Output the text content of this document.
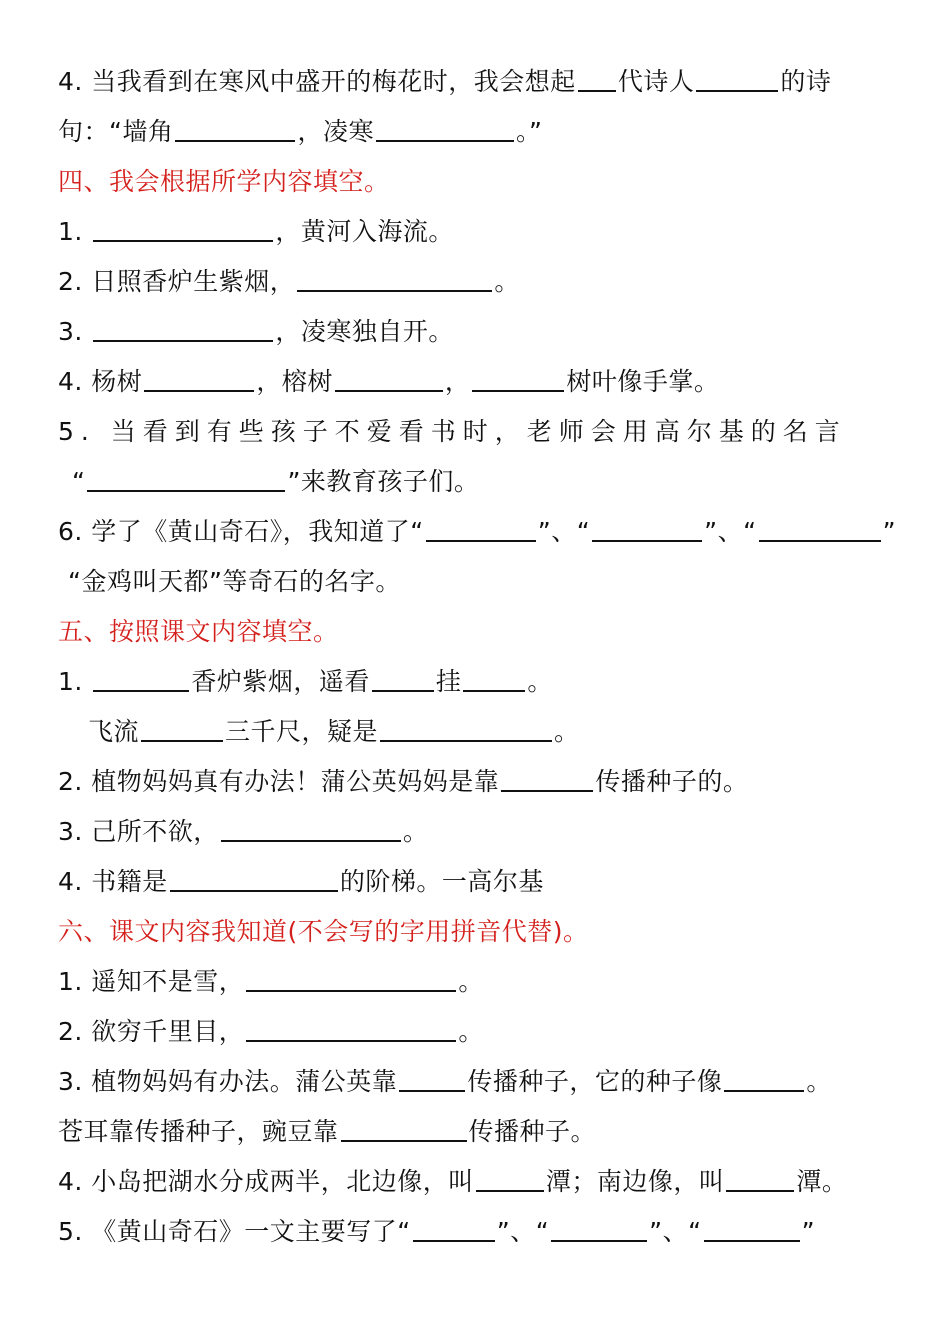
4. 当我看到在寒风中盛开的梅花时，我会想起 代诗人	的诗
句：“墙角	，凌寒	。”
四、我会根据所学内容填空。
1.	，黄河入海流。
2. 日照香炉生紫烟，	。
3.	，凌寒独自开。
4. 杨树	，榕树	，	树叶像手掌。
5. 当看到有些孩子不爱看书时，老师会用高尔基的名言
“	”来教育孩子们。
6. 学了《黄山奇石》，我知道了“	”、“	”、“	”
“金鸡叫天都”等奇石的名字。
五、按照课文内容填空。
1.	香炉紫烟，遥看	挂	。
飞流	三千尺，疑是	。
2. 植物妈妈真有办法！蒲公英妈妈是靠	传播种子的。
3. 己所不欲，	。
4. 书籍是	的阶梯。一高尔基
六、课文内容我知道(不会写的字用拼音代替)。
1. 遥知不是雪，	。
2. 欲穷千里目，	。
3. 植物妈妈有办法。蒲公英靠	传播种子，它的种子像	。
苍耳靠传播种子，豌豆靠	传播种子。
4. 小岛把湖水分成两半，北边像，叫	潭；南边像，叫	潭。
5. 《黄山奇石》一文主要写了“	”、“	”、“	”
